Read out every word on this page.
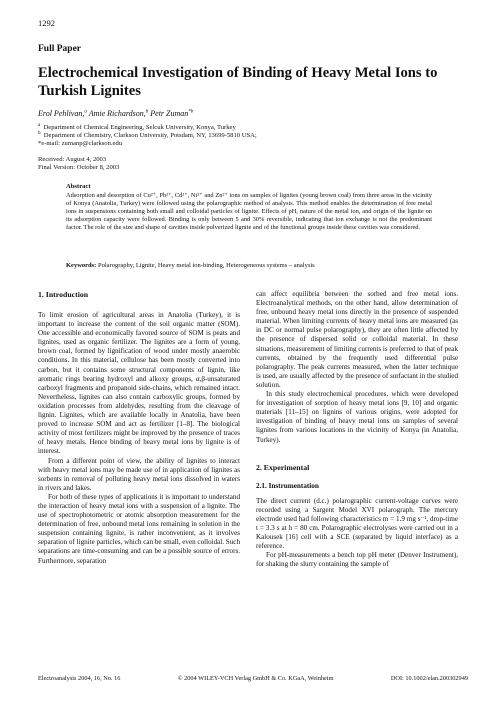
1292
Full Paper
Electrochemical Investigation of Binding of Heavy Metal Ions to Turkish Lignites
Erol Pehlivan,$^a$ Amie Richardson,$^b$ Petr Zuman$^{*b}$
$^a$ Department of Chemical Engineering, Selcuk University, Konya, Turkey
$^b$ Department of Chemistry, Clarkson University, Potsdam, NY, 13699-5810 USA;
*e-mail: zumanp@clarkson.edu
Received: August 4, 2003
Final Version: October 8, 2003
Abstract
Adsorption and desorption of Cu²⁺, Pb²⁺, Cd²⁺, Ni²⁺ and Zn²⁺ ions on samples of lignites (young brown coal) from three areas in the vicinity of Konya (Anatolia, Turkey) were followed using the polarographic method of analysis. This method enables the determination of free metal ions in suspensions containing both small and colloidal particles of lignite. Effects of pH, nature of the metal ion, and origin of the lignite on its adsorption capacity were followed. Binding is only between 5 and 30% reversible, indicating that ion exchange is not the predominant factor. The role of the size and shape of cavities inside pulverized lignite and of the functional groups inside these cavities was considered.
Keywords: Polarography, Lignite, Heavy metal ion-binding, Heterogeneous systems – analysis
1. Introduction

To limit erosion of agricultural areas in Anatolia (Turkey), it is important to increase the content of the soil organic matter (SOM). One accessible and economically favored source of SOM is peats and lignites, used as organic fertilizer. The lignites are a form of young, brown coal, formed by lignification of wood under mostly anaerobic conditions. In this material, cellulose has been mostly converted into carbon, but it contains some structural components of lignin, like aromatic rings bearing hydroxyl and alkoxy groups, α,β-unsaturated carboxyl fragments and propanoid side-chains, which remained intact. Nevertheless, lignites can also contain carboxylic groups, formed by oxidation processes from aldehydes, resulting from the cleavage of lignin. Lignites, which are available locally in Anatolia, have been proved to increase SOM and act as fertilizer [1–8]. The biological activity of most fertilizers might be improved by the presence of traces of heavy metals. Hence binding of heavy metal ions by lignite is of interest.

From a different point of view, the ability of lignites to interact with heavy metal ions may be made use of in application of lignites as sorbents in removal of polluting heavy metal ions dissolved in waters in rivers and lakes.

For both of these types of applications it is important to understand the interaction of heavy metal ions with a suspension of a lignite. The use of spectrophotometric or atomic absorption measurement for the determination of free, unbound metal ions remaining in solution in the suspension containing lignite, is rather inconvenient, as it involves separation of lignite particles, which can be small, even colloidal. Such separations are time-consuming and can be a possible source of errors. Furthermore, separation

can affect equilibria between the sorbed and free metal ions. Electroanalytical methods, on the other hand, allow determination of free, unbound heavy metal ions directly in the presence of suspended material. When limiting currents of heavy metal ions are measured (as in DC or normal pulse polarography), they are often little affected by the presence of dispersed solid or colloidal material. In these situations, measurement of limiting currents is preferred to that of peak currents, obtained by the frequently used differential pulse polarography. The peak currents measured, when the latter technique is used, are usually affected by the presence of surfactant in the studied solution.

In this study electrochemical procedures, which were developed for investigation of sorption of heavy metal ions [9, 10] and organic materials [11–15] on lignins of various origins, were adopted for investigation of binding of heavy metal ions on samples of several lignites from various locations in the vicinity of Konya (in Anatolia, Turkey).

2. Experimental
2.1. Instrumentation

The direct current (d.c.) polarographic current-voltage curves were recorded using a Sargent Model XVI polarograph. The mercury electrode used had following characteristics m = 1.9 mg s⁻¹, drop-time t = 3.3 s at h = 80 cm. Polarographic electrolyses were carried out in a Kalousek [16] cell with a SCE (separated by liquid interface) as a reference.

For pH-measurements a bench top pH meter (Denver Instrument), for shaking the slurry containing the sample of

Electroanalysis 2004, 16, No. 16	© 2004 WILEY-VCH Verlag GmbH & Co. KGaA, Weinheim	DOI: 10.1002/elan.200302949
